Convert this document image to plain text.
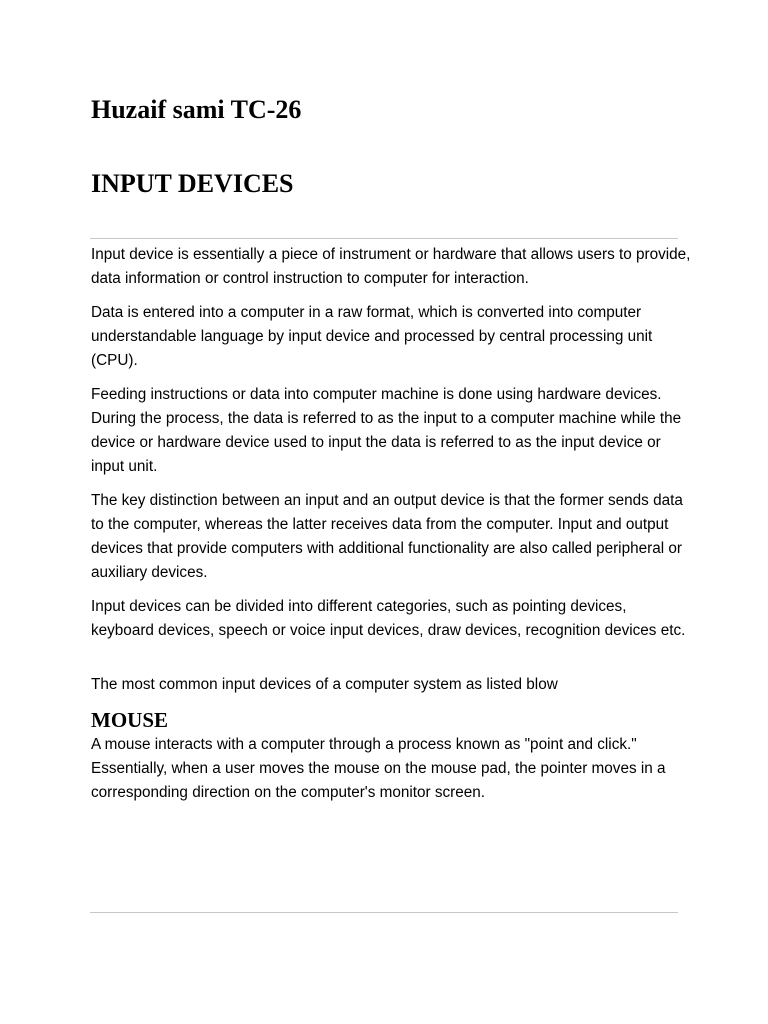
Huzaif sami TC-26
INPUT DEVICES

Input device is essentially a piece of instrument or hardware that allows users to provide, data information or control instruction to computer for interaction.

Data is entered into a computer in a raw format, which is converted into computer understandable language by input device and processed by central processing unit (CPU).

Feeding instructions or data into computer machine is done using hardware devices. During the process, the data is referred to as the input to a computer machine while the device or hardware device used to input the data is referred to as the input device or input unit.

The key distinction between an input and an output device is that the former sends data to the computer, whereas the latter receives data from the computer. Input and output devices that provide computers with additional functionality are also called peripheral or auxiliary devices.

Input devices can be divided into different categories, such as pointing devices, keyboard devices, speech or voice input devices, draw devices, recognition devices etc.

The most common input devices of a computer system as listed blow

MOUSE

A mouse interacts with a computer through a process known as "point and click." Essentially, when a user moves the mouse on the mouse pad, the pointer moves in a corresponding direction on the computer's monitor screen.
